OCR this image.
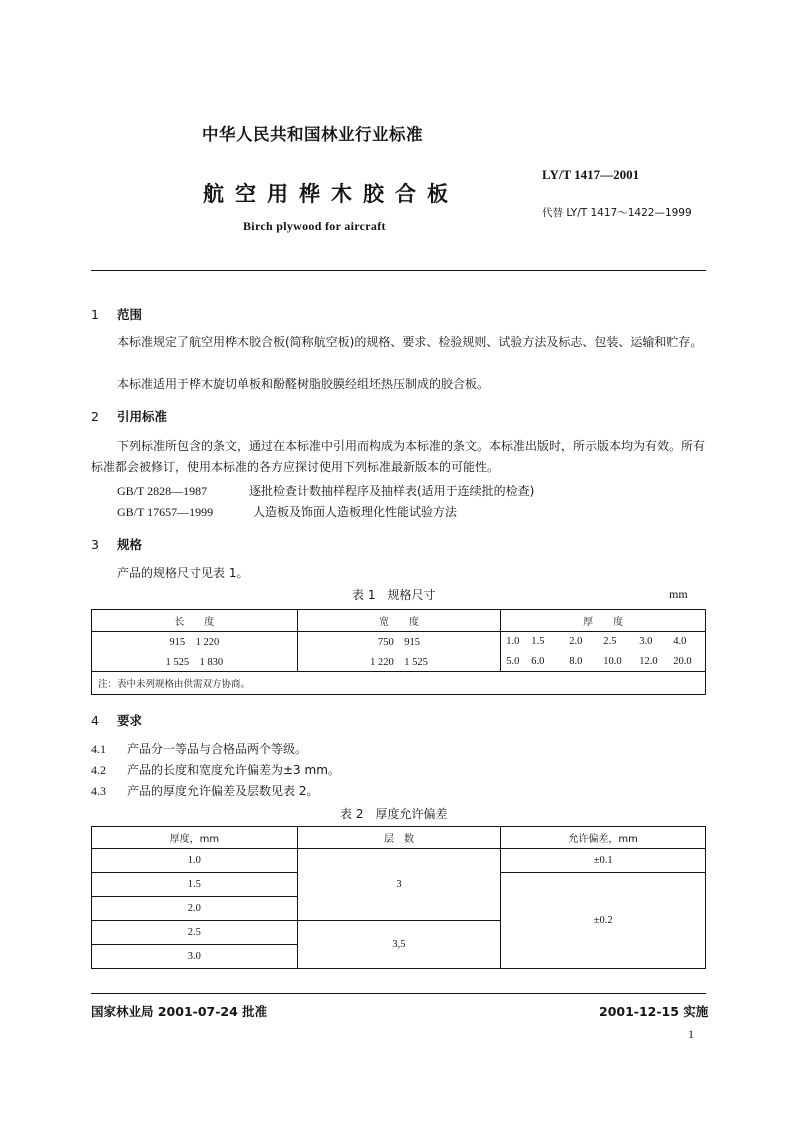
中华人民共和国林业行业标准
LY/T 1417—2001
航空用桦木胶合板
代替 LY/T 1417～1422—1999
Birch plywood for aircraft
1 范围
本标准规定了航空用桦木胶合板(简称航空板)的规格、要求、检验规则、试验方法及标志、包装、运输和贮存。
本标准适用于桦木旋切单板和酚醛树脂胶膜经组坯热压制成的胶合板。
2 引用标准
下列标准所包含的条文，通过在本标准中引用而构成为本标准的条文。本标准出版时，所示版本均为有效。所有标准都会被修订，使用本标准的各方应探讨使用下列标准最新版本的可能性。
GB/T 2828—1987	逐批检查计数抽样程序及抽样表(适用于连续批的检查)
GB/T 17657—1999	人造板及饰面人造板理化性能试验方法
3 规格
产品的规格尺寸见表 1。
表 1　规格尺寸	mm
长　　度	宽　　度	厚　　度
915　1 220	750　915	1.0 1.5 2.0 2.5 3.0 4.0
1 525　1 830	1 220　1 525	5.0 6.0 8.0 10.0 12.0 20.0
注：表中未列规格由供需双方协商。		
4 要求
4.1 产品分一等品与合格品两个等级。
4.2 产品的长度和宽度允许偏差为±3 mm。
4.3 产品的厚度允许偏差及层数见表 2。
表 2　厚度允许偏差
厚度，mm	层　数	允许偏差，mm
1.0	3	±0.1
1.5		±0.2
2.0		
2.5	3,5	
3.0		
国家林业局 2001-07-24 批准	2001-12-15 实施
1
